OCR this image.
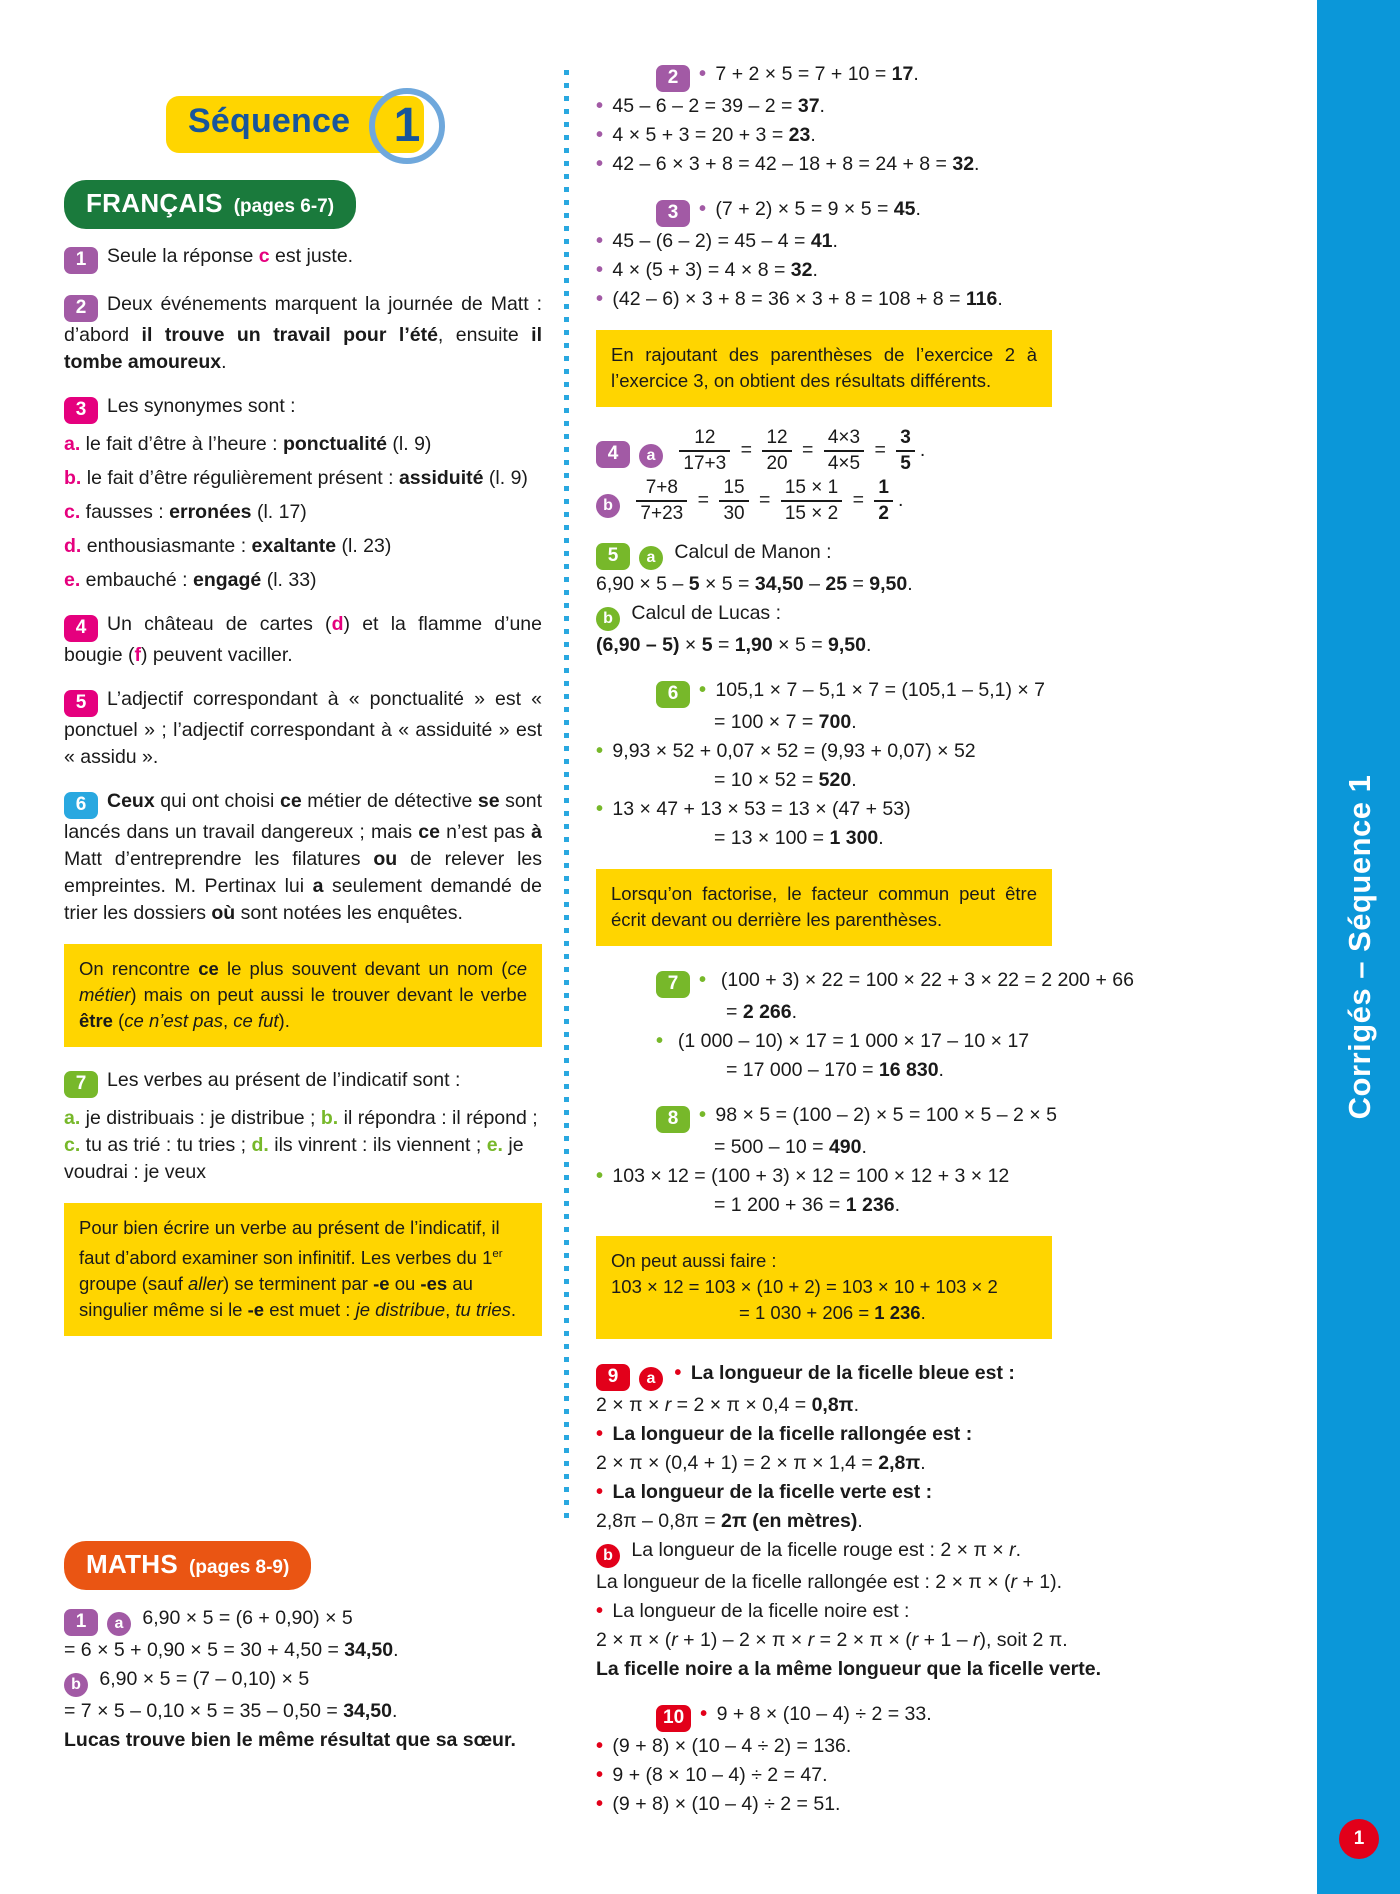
Corrigés – Séquence 1
1
Séquence 1
FRANÇAIS (pages 6-7)

1 Seule la réponse c est juste.

2 Deux événements marquent la journée de Matt : d’abord il trouve un travail pour l’été, ensuite il tombe amoureux.

3 Les synonymes sont :

a. le fait d’être à l’heure : ponctualité (l. 9)

b. le fait d’être régulièrement présent : assiduité (l. 9)

c. fausses : erronées (l. 17)

d. enthousiasmante : exaltante (l. 23)

e. embauché : engagé (l. 33)

4 Un château de cartes (d) et la flamme d’une bougie (f) peuvent vaciller.

5 L’adjectif correspondant à « ponctualité » est « ponctuel » ; l’adjectif correspondant à « assiduité » est « assidu ».

6 Ceux qui ont choisi ce métier de détective se sont lancés dans un travail dangereux ; mais ce n’est pas à Matt d’entreprendre les filatures ou de relever les empreintes. M. Pertinax lui a seulement demandé de trier les dossiers où sont notées les enquêtes.

On rencontre ce le plus souvent devant un nom (ce métier) mais on peut aussi le trouver devant le verbe être (ce n’est pas, ce fut).

7 Les verbes au présent de l’indicatif sont :

a. je distribuais : je distribue ; b. il répondra : il répond ; c. tu as trié : tu tries ; d. ils vinrent : ils viennent ; e. je voudrai : je veux

Pour bien écrire un verbe au présent de l’indicatif, il faut d’abord examiner son infinitif. Les verbes du 1er groupe (sauf aller) se terminent par -e ou -es au singulier même si le -e est muet : je distribue, tu tries.
MATHS (pages 8-9)
1 a 6,90 × 5 = (6 + 0,90) × 5
= 6 × 5 + 0,90 × 5 = 30 + 4,50 = 34,50.
b 6,90 × 5 = (7 – 0,10) × 5
= 7 × 5 – 0,10 × 5 = 35 – 0,50 = 34,50.
Lucas trouve bien le même résultat que sa sœur.
2 • 7 + 2 × 5 = 7 + 10 = 17.
• 45 – 6 – 2 = 39 – 2 = 37.
• 4 × 5 + 3 = 20 + 3 = 23.
• 42 – 6 × 3 + 8 = 42 – 18 + 8 = 24 + 8 = 32.
3 • (7 + 2) × 5 = 9 × 5 = 45.
• 45 – (6 – 2) = 45 – 4 = 41.
• 4 × (5 + 3) = 4 × 8 = 32.
• (42 – 6) × 3 + 8 = 36 × 3 + 8 = 108 + 8 = 116.
En rajoutant des parenthèses de l’exercice 2 à l’exercice 3, on obtient des résultats différents.
4 a $\frac{12}{17+3} = \frac{12}{20} = \frac{4\times 3}{4\times 5} = \frac{3}{5}$ .
b $\frac{7+8}{7+23} = \frac{15}{30} = \frac{15 \times 1}{15 \times 2} = \frac{1}{2}$ .
5 a Calcul de Manon :
6,90 × 5 – 5 × 5 = 34,50 – 25 = 9,50.
b Calcul de Lucas :
(6,90 – 5) × 5 = 1,90 × 5 = 9,50.
6 • 105,1 × 7 – 5,1 × 7 = (105,1 – 5,1) × 7
= 100 × 7 = 700.
• 9,93 × 52 + 0,07 × 52 = (9,93 + 0,07) × 52
= 10 × 52 = 520.
• 13 × 47 + 13 × 53 = 13 × (47 + 53)
= 13 × 100 = 1 300.
Lorsqu’on factorise, le facteur commun peut être écrit devant ou derrière les parenthèses.
7 •  (100 + 3) × 22 = 100 × 22 + 3 × 22 = 2 200 + 66
= 2 266.
•  (1 000 – 10) × 17 = 1 000 × 17 – 10 × 17
= 17 000 – 170 = 16 830.
8 • 98 × 5 = (100 – 2) × 5 = 100 × 5 – 2 × 5
= 500 – 10 = 490.
• 103 × 12 = (100 + 3) × 12 = 100 × 12 + 3 × 12
= 1 200 + 36 = 1 236.
On peut aussi faire :
103 × 12 = 103 × (10 + 2) = 103 × 10 + 103 × 2
= 1 030 + 206 = 1 236.
9 a • La longueur de la ficelle bleue est :
2 × π × r = 2 × π × 0,4 = 0,8π.
• La longueur de la ficelle rallongée est :
2 × π × (0,4 + 1) = 2 × π × 1,4 = 2,8π.
• La longueur de la ficelle verte est :
2,8π – 0,8π = 2π (en mètres).
b La longueur de la ficelle rouge est : 2 × π × r.
La longueur de la ficelle rallongée est : 2 × π × (r + 1).
• La longueur de la ficelle noire est :
2 × π × (r + 1) – 2 × π × r = 2 × π × (r + 1 – r), soit 2 π.
La ficelle noire a la même longueur que la ficelle verte.
10 • 9 + 8 × (10 – 4) ÷ 2 = 33.
• (9 + 8) × (10 – 4 ÷ 2) = 136.
• 9 + (8 × 10 – 4) ÷ 2 = 47.
• (9 + 8) × (10 – 4) ÷ 2 = 51.
